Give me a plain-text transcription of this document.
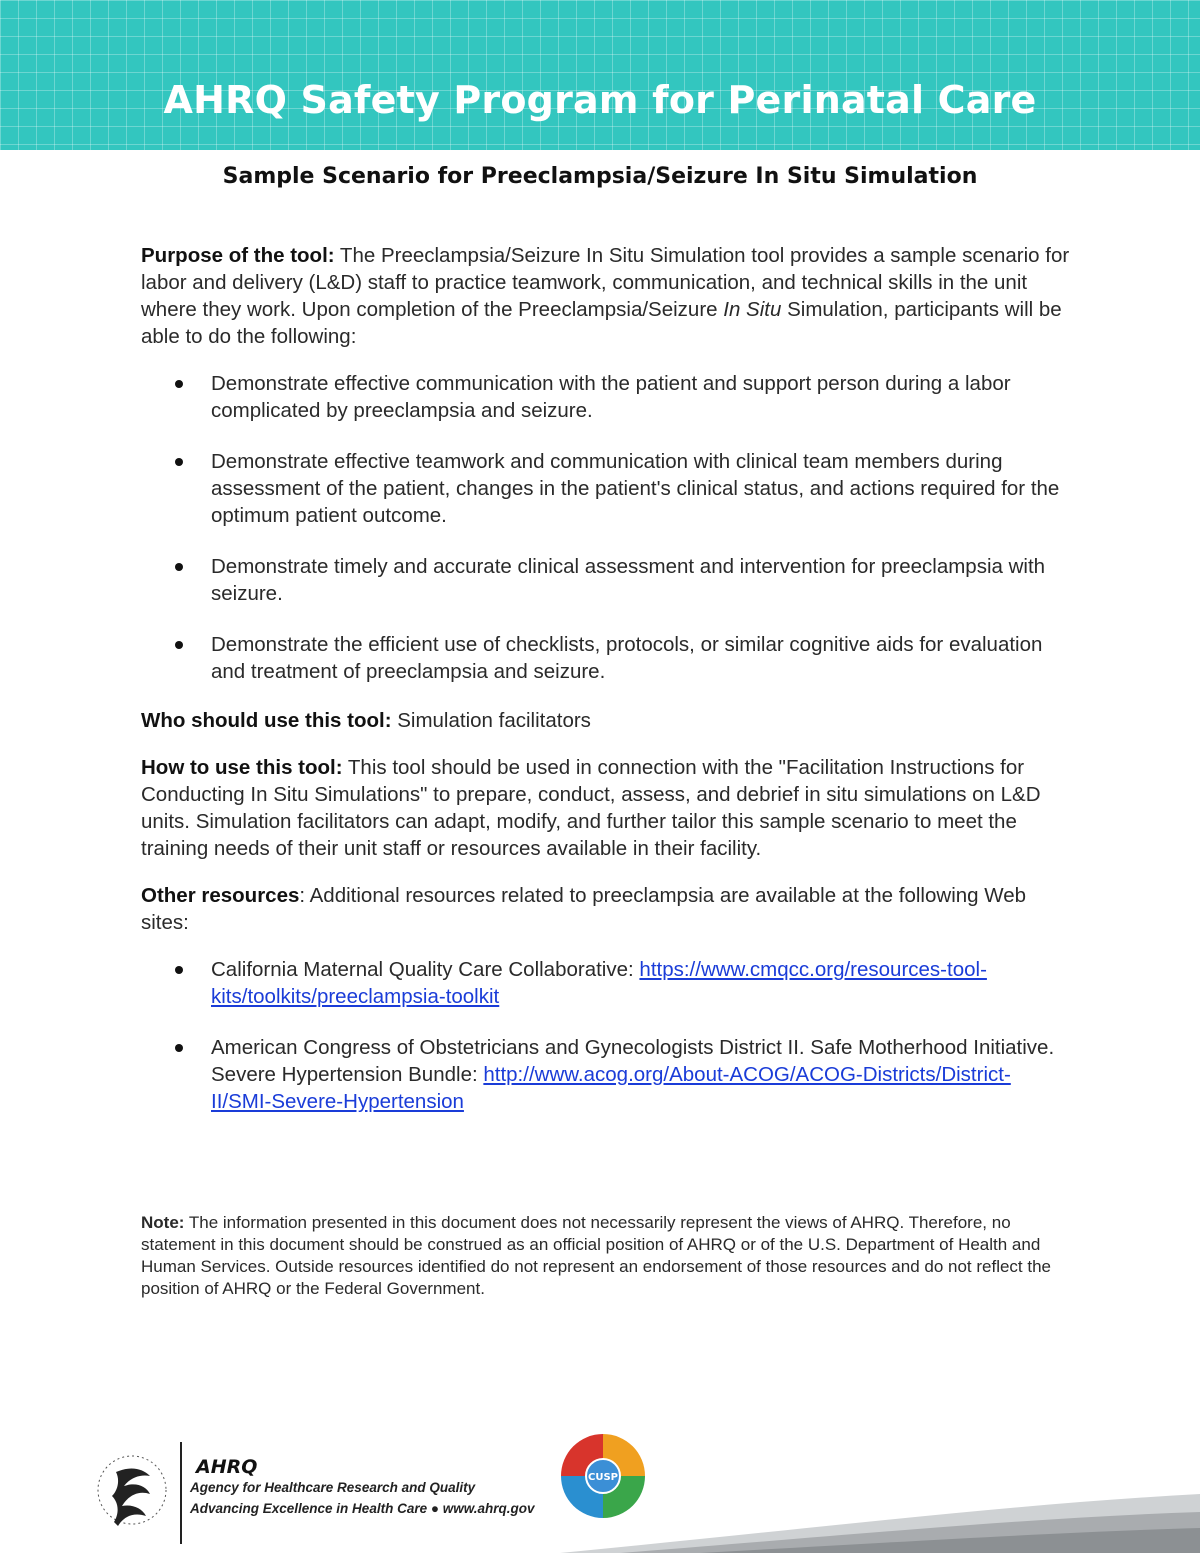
AHRQ Safety Program for Perinatal Care
Sample Scenario for Preeclampsia/Seizure In Situ Simulation

Purpose of the tool: The Preeclampsia/Seizure In Situ Simulation tool provides a sample scenario for labor and delivery (L&D) staff to practice teamwork, communication, and technical skills in the unit where they work. Upon completion of the Preeclampsia/Seizure In Situ Simulation, participants will be able to do the following:

Demonstrate effective communication with the patient and support person during a labor complicated by preeclampsia and seizure.
Demonstrate effective teamwork and communication with clinical team members during assessment of the patient, changes in the patient's clinical status, and actions required for the optimum patient outcome.
Demonstrate timely and accurate clinical assessment and intervention for preeclampsia with seizure.
Demonstrate the efficient use of checklists, protocols, or similar cognitive aids for evaluation and treatment of preeclampsia and seizure.

Who should use this tool: Simulation facilitators

How to use this tool: This tool should be used in connection with the "Facilitation Instructions for Conducting In Situ Simulations" to prepare, conduct, assess, and debrief in situ simulations on L&D units. Simulation facilitators can adapt, modify, and further tailor this sample scenario to meet the training needs of their unit staff or resources available in their facility.

Other resources: Additional resources related to preeclampsia are available at the following Web sites:

California Maternal Quality Care Collaborative: https://www.cmqcc.org/resources-tool-kits/toolkits/preeclampsia-toolkit
American Congress of Obstetricians and Gynecologists District II. Safe Motherhood Initiative. Severe Hypertension Bundle: http://www.acog.org/About-ACOG/ACOG-Districts/District-II/SMI-Severe-Hypertension
Note: The information presented in this document does not necessarily represent the views of AHRQ. Therefore, no statement in this document should be construed as an official position of AHRQ or of the U.S. Department of Health and Human Services. Outside resources identified do not represent an endorsement of those resources and do not reflect the position of AHRQ or the Federal Government.
AHRQ
Agency for Healthcare Research and Quality
Advancing Excellence in Health Care ● www.ahrq.gov
CUSP
